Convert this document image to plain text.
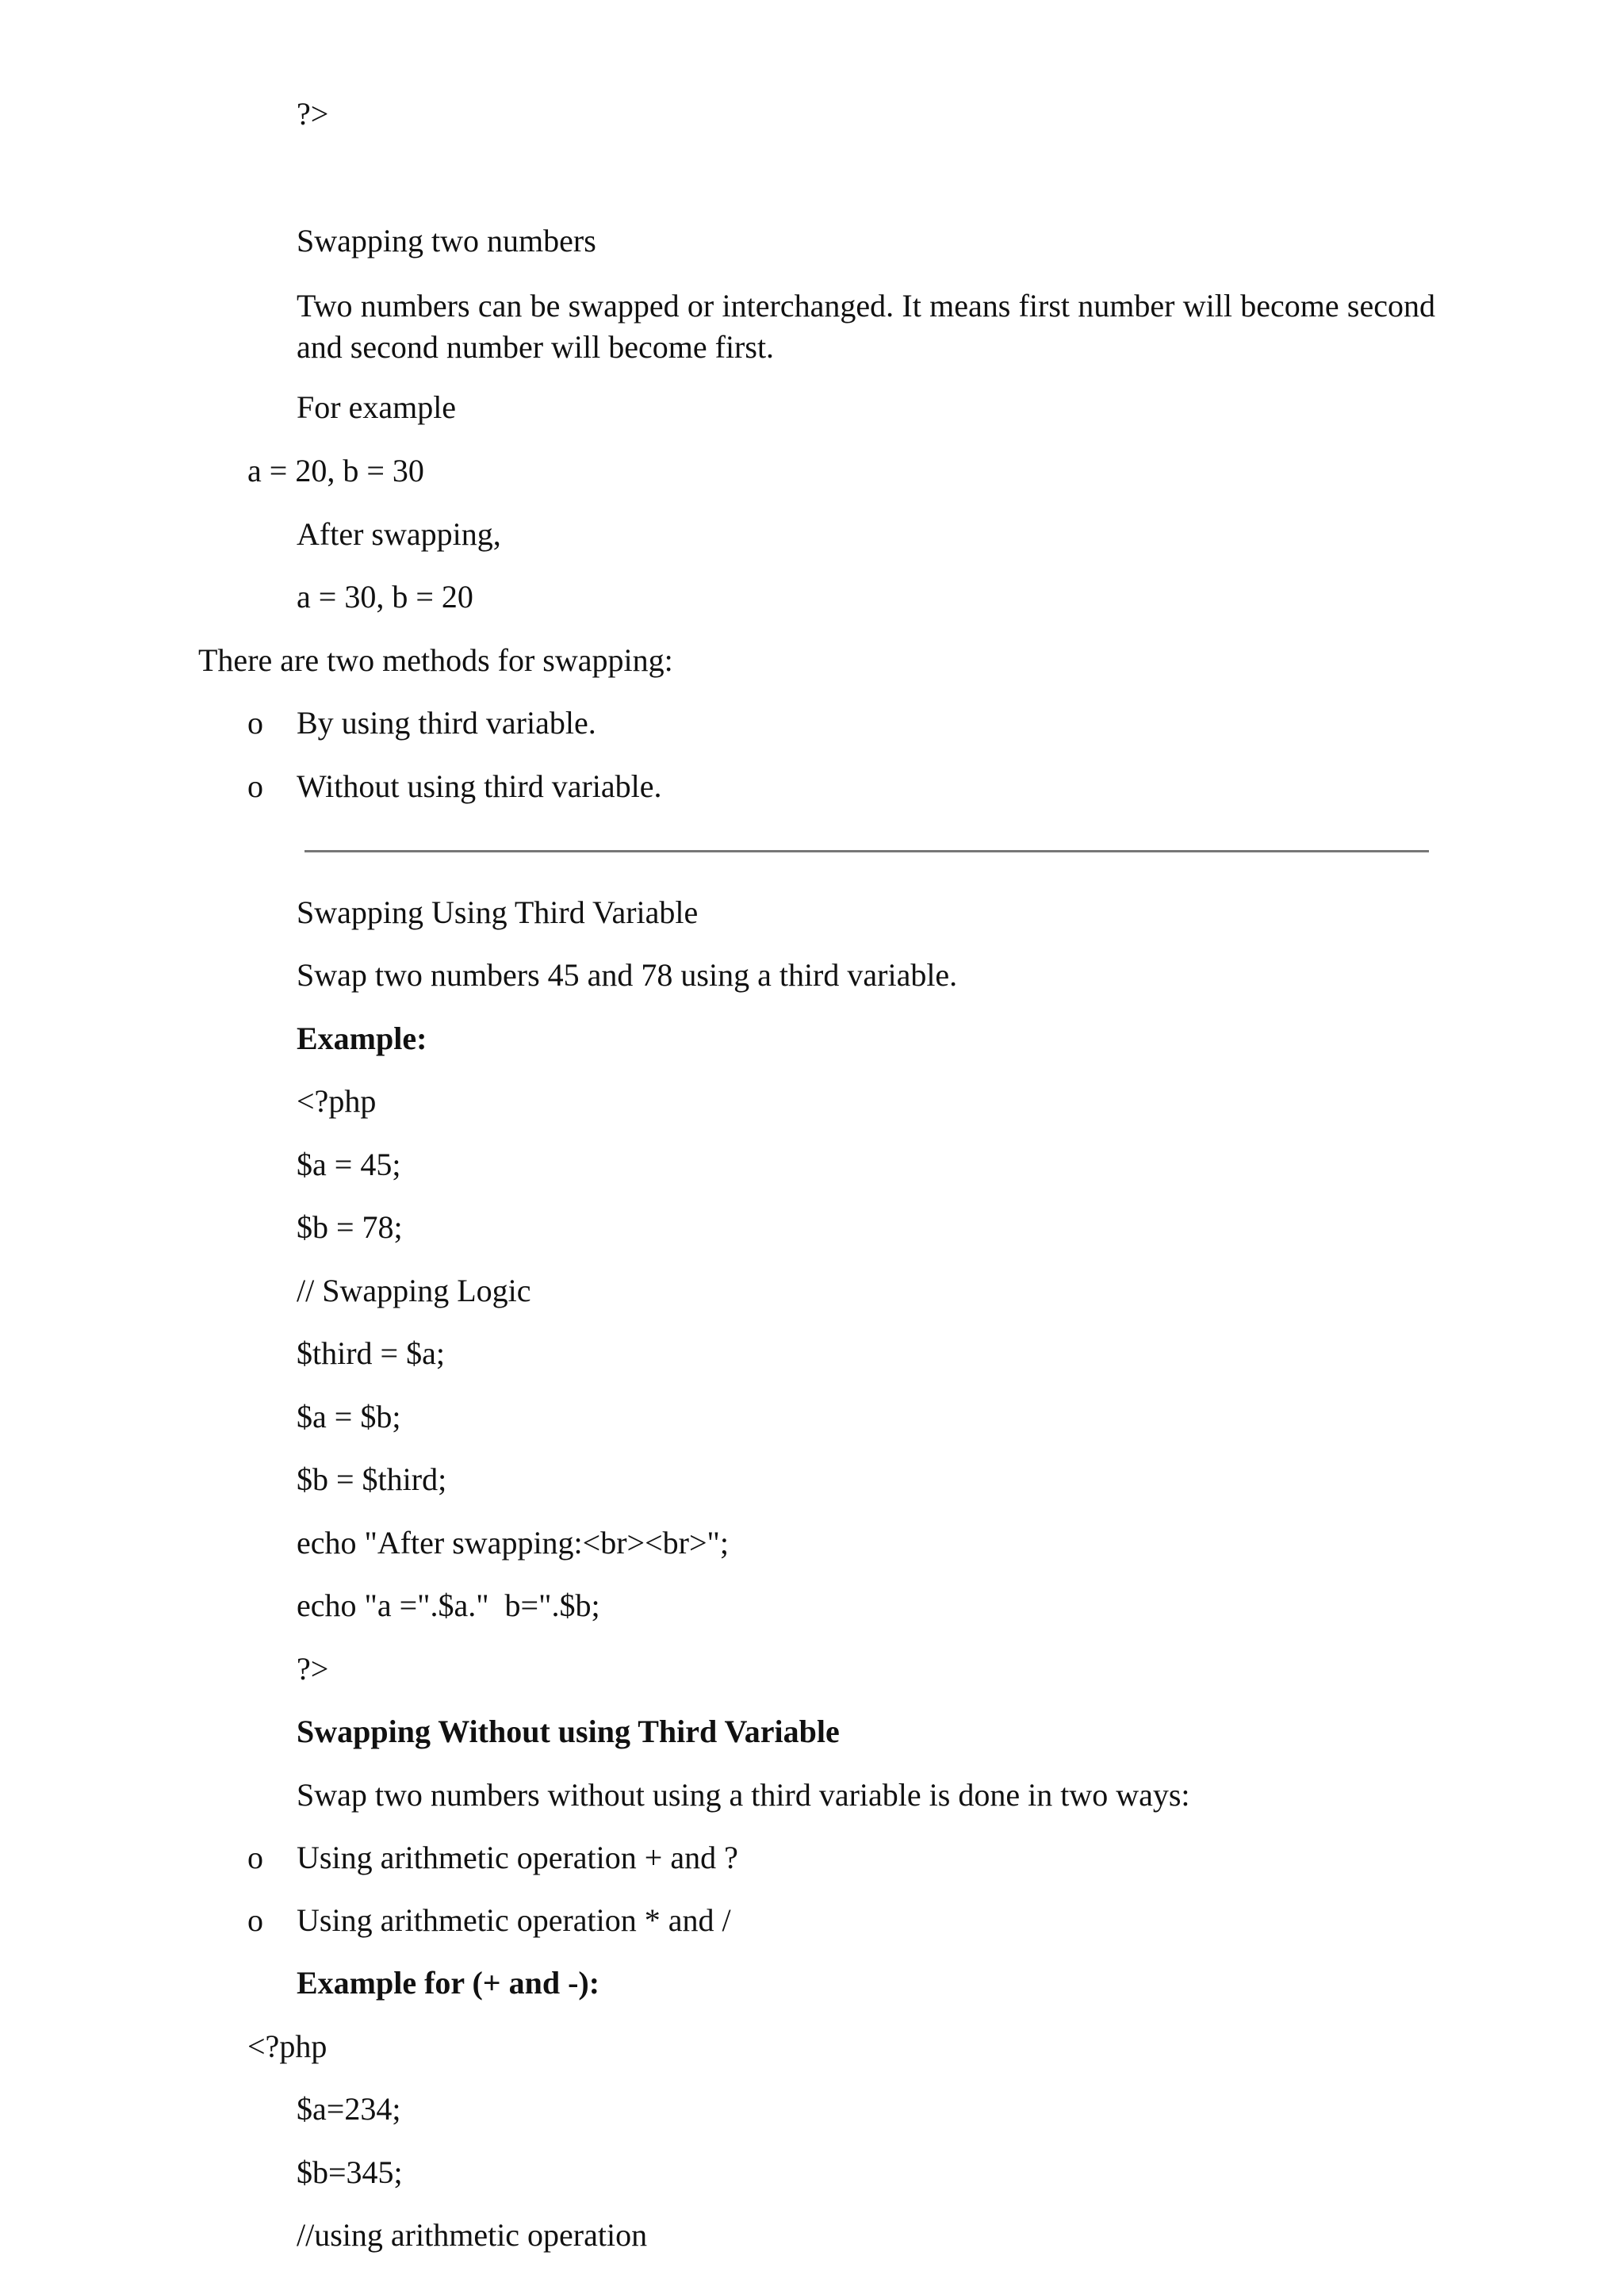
?>
Swapping two numbers
Two numbers can be swapped or interchanged. It means first number will become second and second number will become first.
For example
a = 20, b = 30
After swapping,
a = 30, b = 20
There are two methods for swapping:
o By using third variable.
o Without using third variable.
Swapping Using Third Variable
Swap two numbers 45 and 78 using a third variable.
Example:
<?php
$a = 45;
$b = 78;
// Swapping Logic
$third = $a;
$a = $b;
$b = $third;
echo "After swapping:<br><br>";
echo "a =".$a."  b=".$b;
?>
Swapping Without using Third Variable
Swap two numbers without using a third variable is done in two ways:
o Using arithmetic operation + and ?
o Using arithmetic operation * and /
Example for (+ and -):
<?php
$a=234;
$b=345;
//using arithmetic operation
